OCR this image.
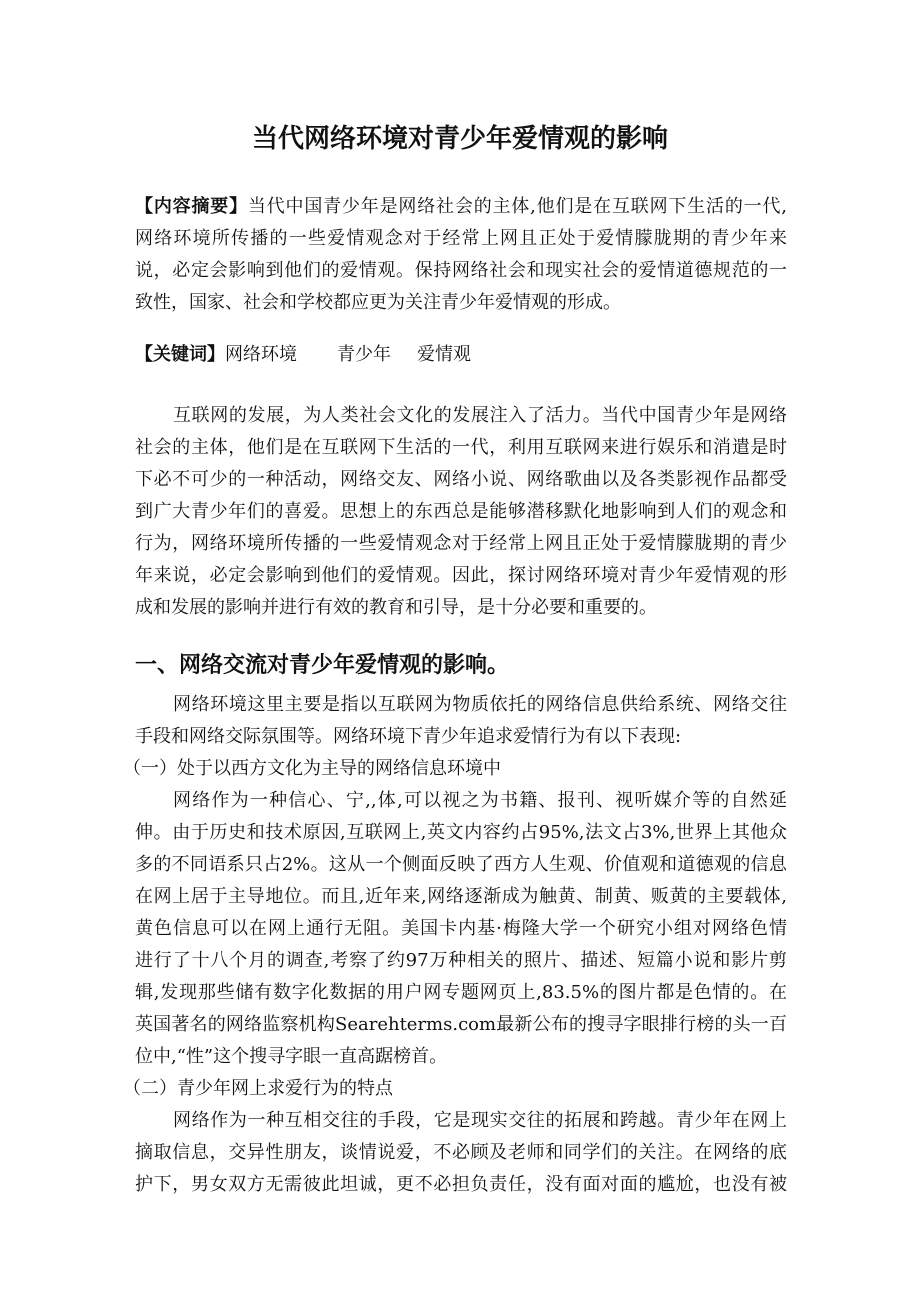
当代网络环境对青少年爱情观的影响
【内容摘要】当代中国青少年是网络社会的主体,他们是在互联网下生活的一代,
网络环境所传播的一些爱情观念对于经常上网且正处于爱情朦胧期的青少年来
说，必定会影响到他们的爱情观。保持网络社会和现实社会的爱情道德规范的一
致性，国家、社会和学校都应更为关注青少年爱情观的形成。
【关键词】网络环境 青少年 爱情观
互联网的发展，为人类社会文化的发展注入了活力。当代中国青少年是网络
社会的主体，他们是在互联网下生活的一代，利用互联网来进行娱乐和消遣是时
下必不可少的一种活动，网络交友、网络小说、网络歌曲以及各类影视作品都受
到广大青少年们的喜爱。思想上的东西总是能够潜移默化地影响到人们的观念和
行为，网络环境所传播的一些爱情观念对于经常上网且正处于爱情朦胧期的青少
年来说，必定会影响到他们的爱情观。因此，探讨网络环境对青少年爱情观的形
成和发展的影响并进行有效的教育和引导，是十分必要和重要的。
一、网络交流对青少年爱情观的影响。
网络环境这里主要是指以互联网为物质依托的网络信息供给系统、网络交往
手段和网络交际氛围等。网络环境下青少年追求爱情行为有以下表现:
（一）处于以西方文化为主导的网络信息环境中
网络作为一种信心、宁,,体,可以视之为书籍、报刊、视听媒介等的自然延
伸。由于历史和技术原因,互联网上,英文内容约占95%,法文占3%,世界上其他众
多的不同语系只占2%。这从一个侧面反映了西方人生观、价值观和道德观的信息
在网上居于主导地位。而且,近年来,网络逐渐成为触黄、制黄、贩黄的主要载体,
黄色信息可以在网上通行无阻。美国卡内基·梅隆大学一个研究小组对网络色情
进行了十八个月的调查,考察了约97万种相关的照片、描述、短篇小说和影片剪
辑,发现那些储有数字化数据的用户网专题网页上,83.5%的图片都是色情的。在
英国著名的网络监察机构Searehterms.com最新公布的搜寻字眼排行榜的头一百
位中,“性”这个搜寻字眼一直高踞榜首。
（二）青少年网上求爱行为的特点
网络作为一种互相交往的手段，它是现实交往的拓展和跨越。青少年在网上
摘取信息，交异性朋友，谈情说爱，不必顾及老师和同学们的关注。在网络的底
护下，男女双方无需彼此坦诚，更不必担负责任，没有面对面的尴尬，也没有被
